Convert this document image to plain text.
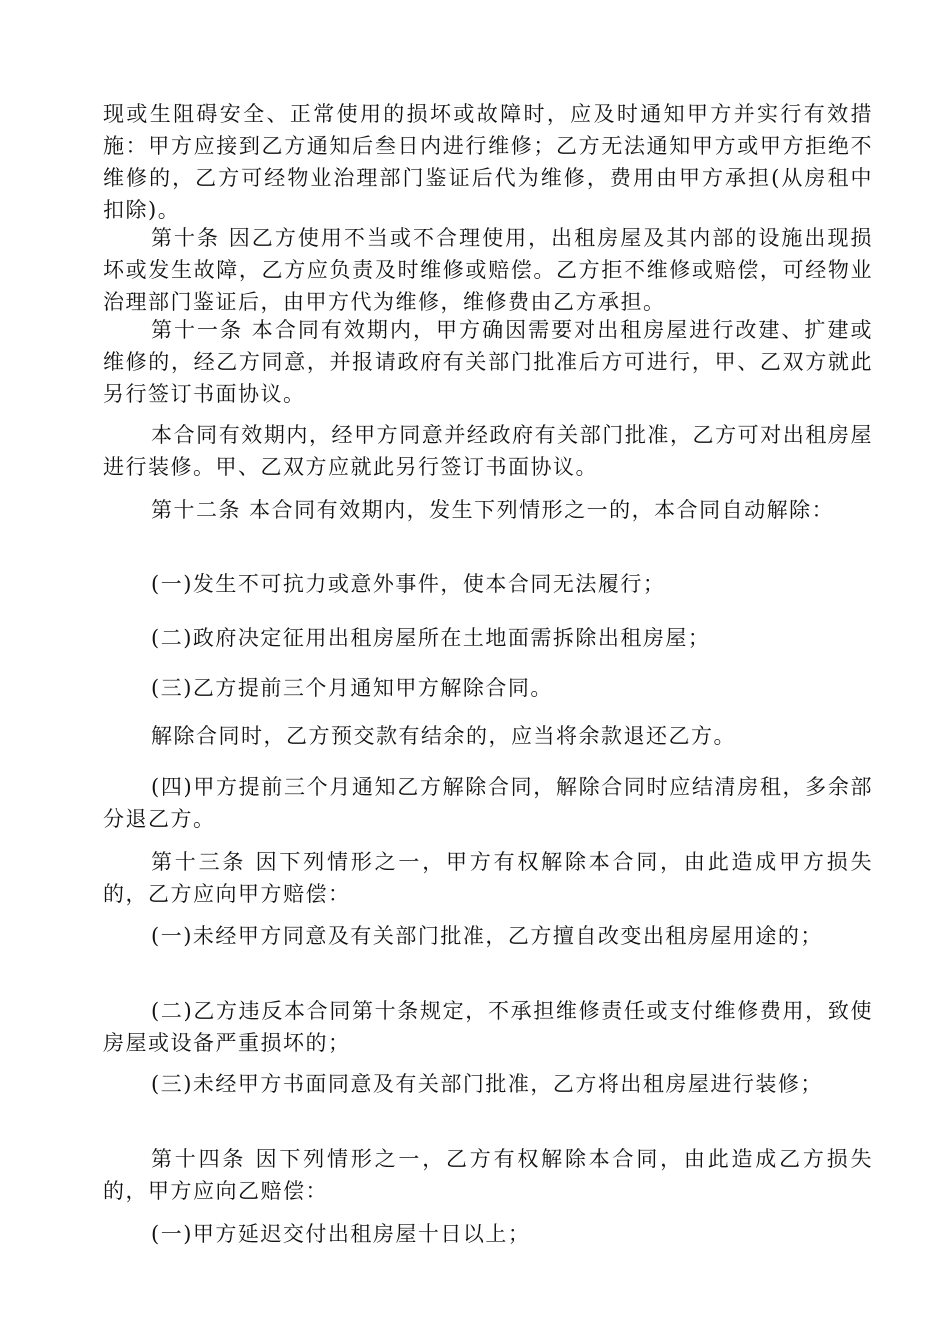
现或生阻碍安全、正常使用的损坏或故障时，应及时通知甲方并实行有效措施：甲方应接到乙方通知后叁日内进行维修；乙方无法通知甲方或甲方拒绝不维修的，乙方可经物业治理部门鉴证后代为维修，费用由甲方承担(从房租中扣除)。

第十条 因乙方使用不当或不合理使用，出租房屋及其内部的设施出现损坏或发生故障，乙方应负责及时维修或赔偿。乙方拒不维修或赔偿，可经物业治理部门鉴证后，由甲方代为维修，维修费由乙方承担。

第十一条 本合同有效期内，甲方确因需要对出租房屋进行改建、扩建或维修的，经乙方同意，并报请政府有关部门批准后方可进行，甲、乙双方就此另行签订书面协议。

本合同有效期内，经甲方同意并经政府有关部门批准，乙方可对出租房屋进行装修。甲、乙双方应就此另行签订书面协议。

第十二条 本合同有效期内，发生下列情形之一的，本合同自动解除：

(一)发生不可抗力或意外事件，使本合同无法履行；

(二)政府决定征用出租房屋所在土地面需拆除出租房屋；

(三)乙方提前三个月通知甲方解除合同。

解除合同时，乙方预交款有结余的，应当将余款退还乙方。

(四)甲方提前三个月通知乙方解除合同，解除合同时应结清房租，多余部分退乙方。

第十三条 因下列情形之一，甲方有权解除本合同，由此造成甲方损失的，乙方应向甲方赔偿：

(一)未经甲方同意及有关部门批准，乙方擅自改变出租房屋用途的；

(二)乙方违反本合同第十条规定，不承担维修责任或支付维修费用，致使房屋或设备严重损坏的；

(三)未经甲方书面同意及有关部门批准，乙方将出租房屋进行装修；

第十四条 因下列情形之一，乙方有权解除本合同，由此造成乙方损失的，甲方应向乙赔偿：

(一)甲方延迟交付出租房屋十日以上；
